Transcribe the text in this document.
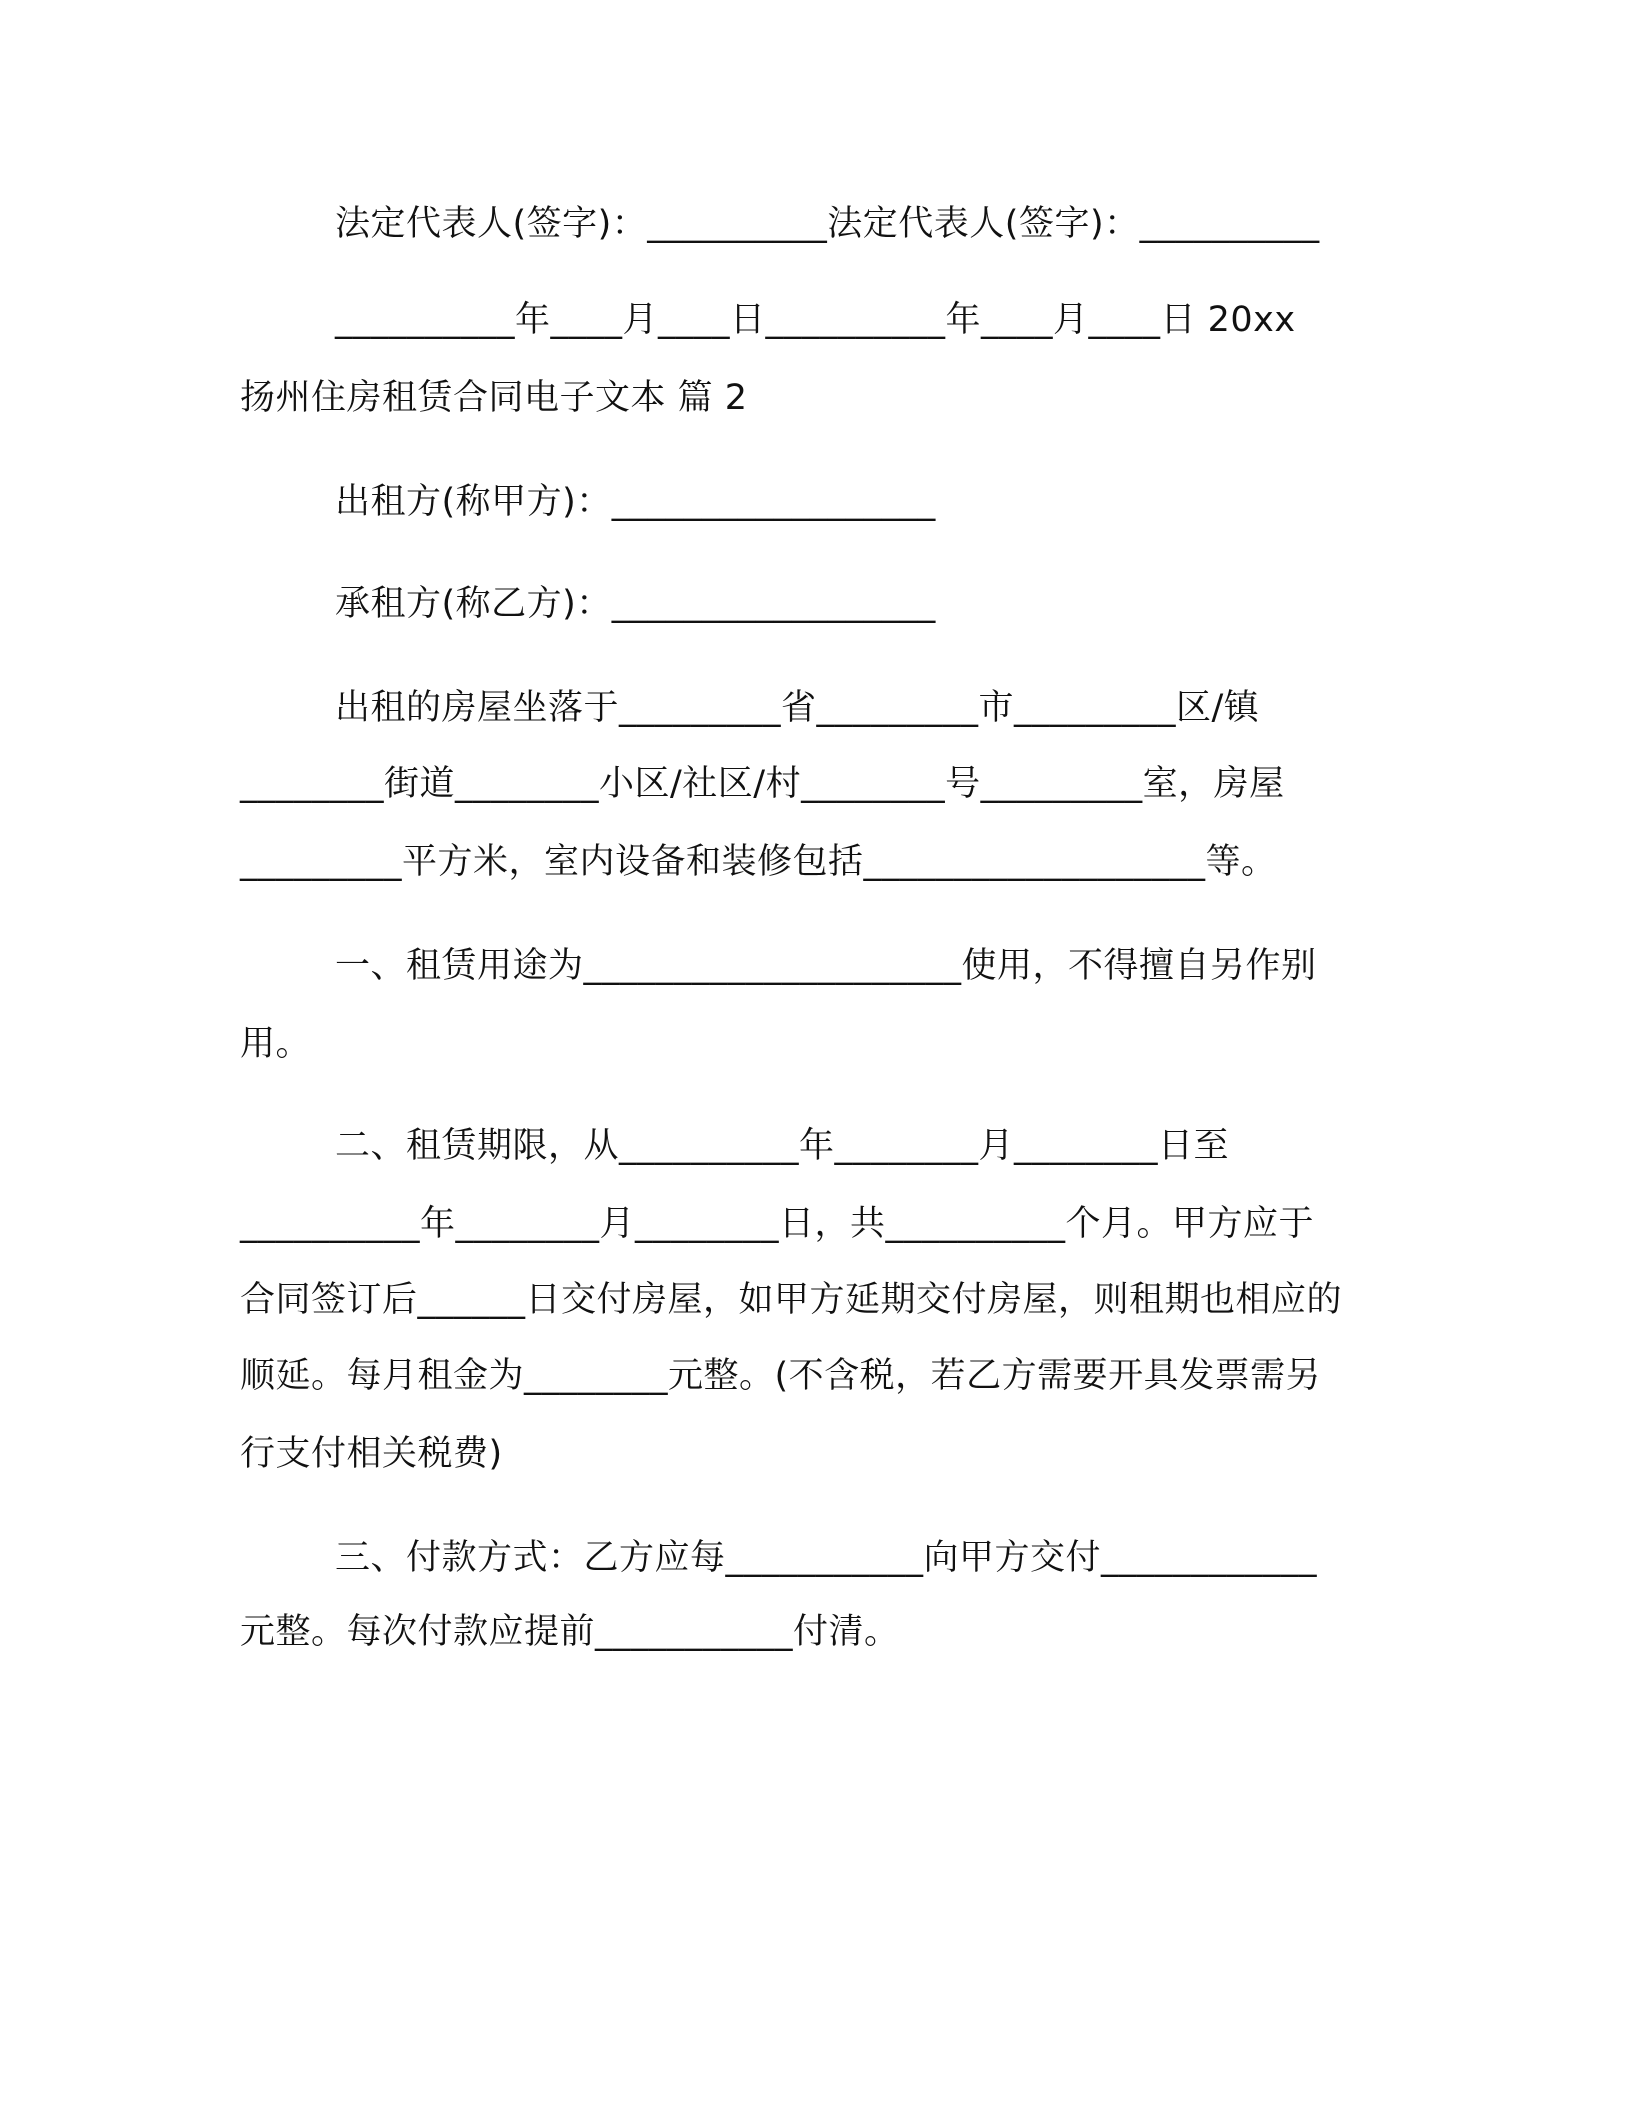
法定代表人(签字)：__________法定代表人(签字)：__________
__________年____月____日__________年____月____日 20xx
扬州住房租赁合同电子文本 篇 2
出租方(称甲方)：__________________
承租方(称乙方)：__________________
出租的房屋坐落于_________省_________市_________区/镇
________街道________小区/社区/村________号_________室，房屋
_________平方米，室内设备和装修包括___________________等。
一、租赁用途为_____________________使用，不得擅自另作别
用。
二、租赁期限，从__________年________月________日至
__________年________月________日，共__________个月。甲方应于
合同签订后______日交付房屋，如甲方延期交付房屋，则租期也相应的
顺延。每月租金为________元整。(不含税，若乙方需要开具发票需另
行支付相关税费)
三、付款方式：乙方应每___________向甲方交付____________
元整。每次付款应提前___________付清。
